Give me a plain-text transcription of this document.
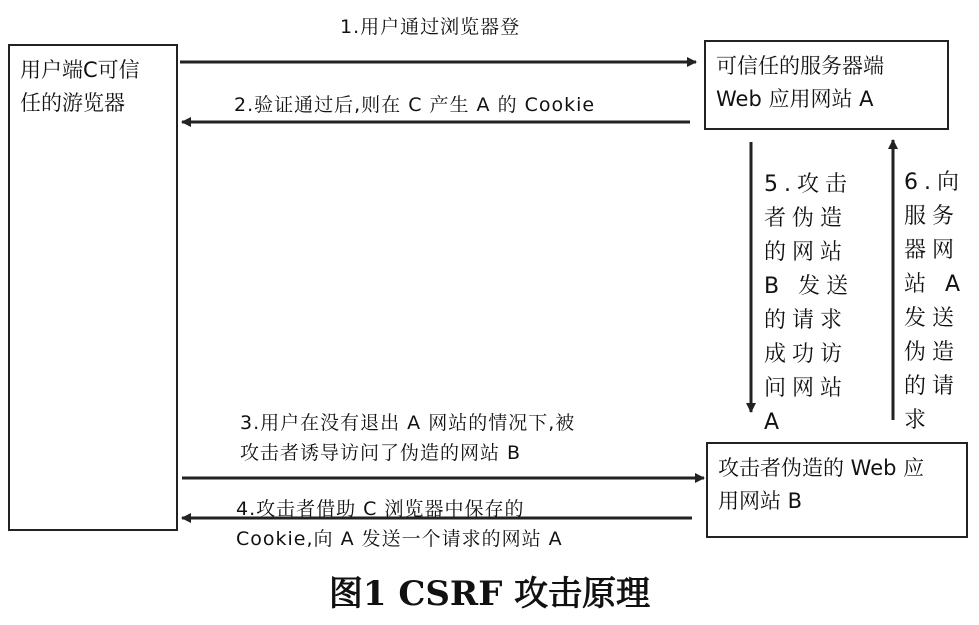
用户端C可信
任的游览器
可信任的服务器端
Web 应用网站 A
攻击者伪造的 Web 应
用网站 B
1.用户通过浏览器登
2.验证通过后,则在 C 产生 A 的 Cookie
3.用户在没有退出 A 网站的情况下,被
攻击者诱导访问了伪造的网站 B
4.攻击者借助 C 浏览器中保存的
Cookie,向 A 发送一个请求的网站 A
5.攻击
者伪造
的网站
B 发送
的请求
成功访
问网站
A
6.向
服务
器网
站 A
发送
伪造
的请
求
图1 CSRF 攻击原理
